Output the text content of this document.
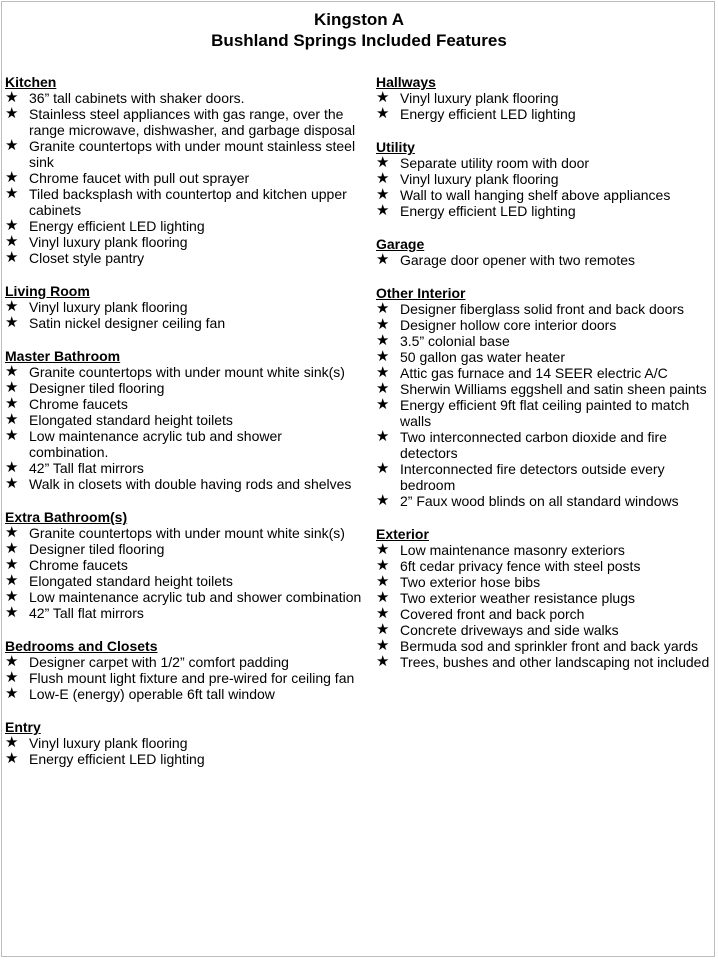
Kingston A
Bushland Springs Included Features
Kitchen
★ 36” tall cabinets with shaker doors.
★ Stainless steel appliances with gas range, over the range microwave, dishwasher, and garbage disposal
★ Granite countertops with under mount stainless steel sink
★ Chrome faucet with pull out sprayer
★ Tiled backsplash with countertop and kitchen upper cabinets
★ Energy efficient LED lighting
★ Vinyl luxury plank flooring
★ Closet style pantry
Living Room
★ Vinyl luxury plank flooring
★ Satin nickel designer ceiling fan
Master Bathroom
★ Granite countertops with under mount white sink(s)
★ Designer tiled flooring
★ Chrome faucets
★ Elongated standard height toilets
★ Low maintenance acrylic tub and shower combination.
★ 42” Tall flat mirrors
★ Walk in closets with double having rods and shelves
Extra Bathroom(s)
★ Granite countertops with under mount white sink(s)
★ Designer tiled flooring
★ Chrome faucets
★ Elongated standard height toilets
★ Low maintenance acrylic tub and shower combination
★ 42” Tall flat mirrors
Bedrooms and Closets
★ Designer carpet with 1/2” comfort padding
★ Flush mount light fixture and pre-wired for ceiling fan
★ Low-E (energy) operable 6ft tall window
Entry
★ Vinyl luxury plank flooring
★ Energy efficient LED lighting
Hallways
★ Vinyl luxury plank flooring
★ Energy efficient LED lighting
Utility
★ Separate utility room with door
★ Vinyl luxury plank flooring
★ Wall to wall hanging shelf above appliances
★ Energy efficient LED lighting
Garage
★ Garage door opener with two remotes
Other Interior
★ Designer fiberglass solid front and back doors
★ Designer hollow core interior doors
★ 3.5” colonial base
★ 50 gallon gas water heater
★ Attic gas furnace and 14 SEER electric A/C
★ Sherwin Williams eggshell and satin sheen paints
★ Energy efficient 9ft flat ceiling painted to match walls
★ Two interconnected carbon dioxide and fire detectors
★ Interconnected fire detectors outside every bedroom
★ 2” Faux wood blinds on all standard windows
Exterior
★ Low maintenance masonry exteriors
★ 6ft cedar privacy fence with steel posts
★ Two exterior hose bibs
★ Two exterior weather resistance plugs
★ Covered front and back porch
★ Concrete driveways and side walks
★ Bermuda sod and sprinkler front and back yards
★ Trees, bushes and other landscaping not included
